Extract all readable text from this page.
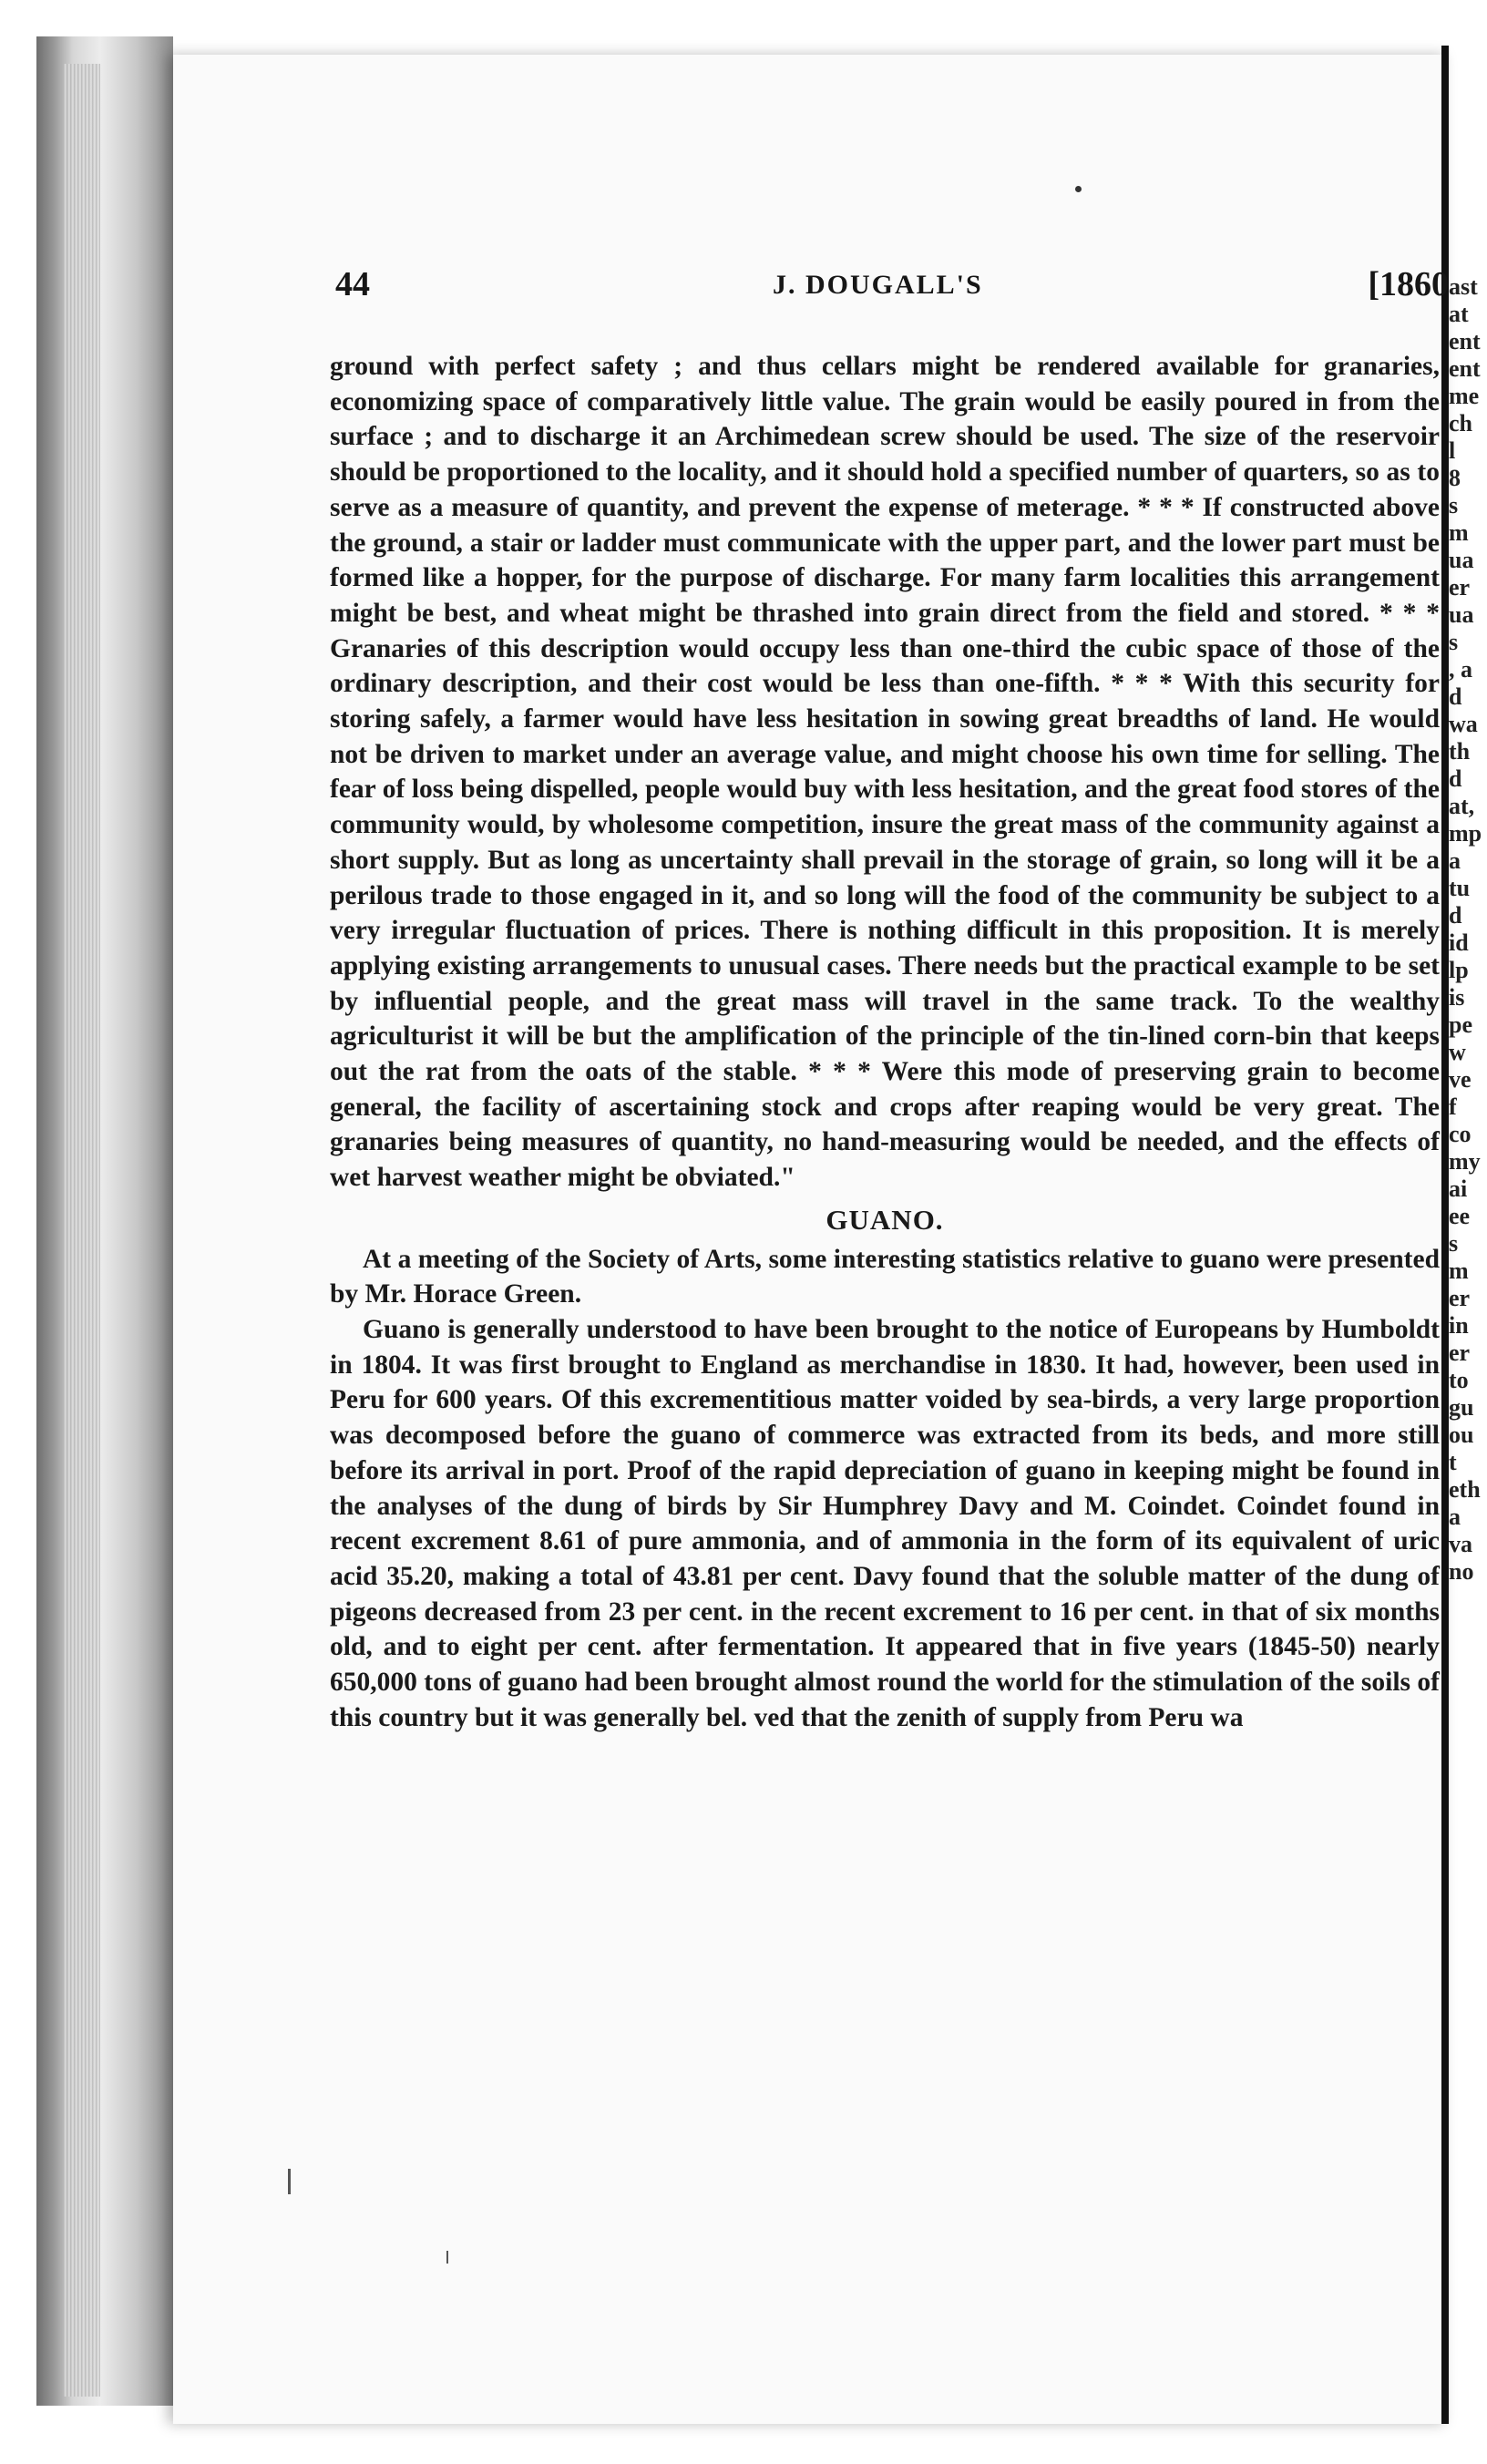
ast
at
ent
ent
me
ch
l
8
s
m
ua
er
ua
s
, a
d
wa
th
d
at,
mp
a
tu
d
id
lp
is
pe
w
ve
f
co
my
ai
ee
s
m
er
in
er
to
gu
ou
t
eth
a
va
no
44	J. DOUGALL'S	[1860

ground with perfect safety ; and thus cellars might be rendered available for granaries, economizing space of comparatively little value. The grain would be easily poured in from the surface ; and to discharge it an Archimedean screw should be used. The size of the reservoir should be proportioned to the locality, and it should hold a specified number of quarters, so as to serve as a measure of quantity, and prevent the expense of meterage. * * * If constructed above the ground, a stair or ladder must communicate with the upper part, and the lower part must be formed like a hopper, for the purpose of discharge. For many farm localities this arrangement might be best, and wheat might be thrashed into grain direct from the field and stored. * * * Granaries of this description would occupy less than one-third the cubic space of those of the ordinary description, and their cost would be less than one-fifth. * * * With this security for storing safely, a farmer would have less hesitation in sowing great breadths of land. He would not be driven to market under an average value, and might choose his own time for selling. The fear of loss being dispelled, people would buy with less hesitation, and the great food stores of the community would, by wholesome competition, insure the great mass of the community against a short supply. But as long as uncertainty shall prevail in the storage of grain, so long will it be a perilous trade to those engaged in it, and so long will the food of the community be subject to a very irregular fluctuation of prices. There is nothing difficult in this proposition. It is merely applying existing arrangements to unusual cases. There needs but the practical example to be set by influential people, and the great mass will travel in the same track. To the wealthy agriculturist it will be but the amplification of the principle of the tin-lined corn-bin that keeps out the rat from the oats of the stable. * * * Were this mode of preserving grain to become general, the facility of ascertaining stock and crops after reaping would be very great. The granaries being measures of quantity, no hand-measuring would be needed, and the effects of wet harvest weather might be obviated."

GUANO.

At a meeting of the Society of Arts, some interesting statistics relative to guano were presented by Mr. Horace Green.

Guano is generally understood to have been brought to the notice of Europeans by Humboldt in 1804. It was first brought to England as merchandise in 1830. It had, however, been used in Peru for 600 years. Of this excrementitious matter voided by sea-birds, a very large proportion was decomposed before the guano of commerce was extracted from its beds, and more still before its arrival in port. Proof of the rapid depreciation of guano in keeping might be found in the analyses of the dung of birds by Sir Humphrey Davy and M. Coindet. Coindet found in recent excrement 8.61 of pure ammonia, and of ammonia in the form of its equivalent of uric acid 35.20, making a total of 43.81 per cent. Davy found that the soluble matter of the dung of pigeons decreased from 23 per cent. in the recent excrement to 16 per cent. in that of six months old, and to eight per cent. after fermentation. It appeared that in five years (1845-50) nearly 650,000 tons of guano had been brought almost round the world for the stimulation of the soils of this country but it was generally bel. ved that the zenith of supply from Peru wa
